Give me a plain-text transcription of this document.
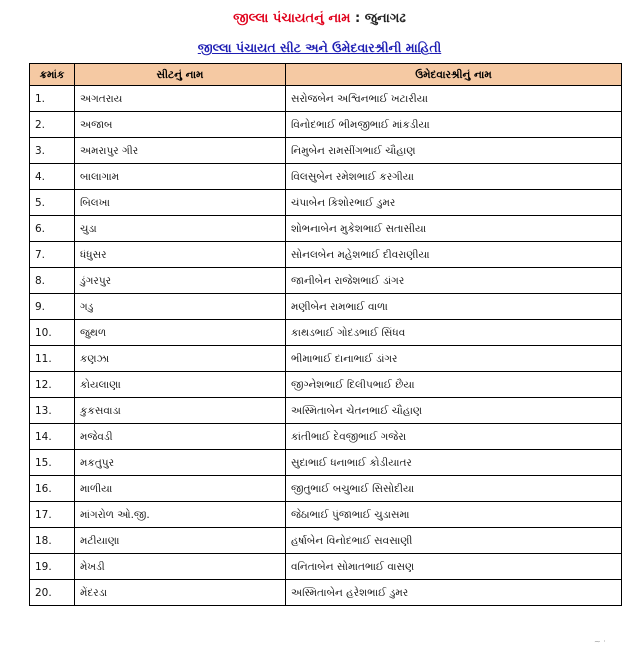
જીલ્લા પંચાયતનું નામ : જુનાગઢ
જીલ્લા પંચાયત સીટ અને ઉમેદવારશ્રીની માહિતી
ક્રમાંક	સીટનું નામ	ઉમેદવારશ્રીનું નામ
1.	અગતરાય	સરોજબેન અશ્વિનભાઈ ખટારીયા
2.	અજાબ	વિનોદભાઈ ભીમજીભાઈ માંકડીયા
3.	અમરાપુર ગીર	નિમુબેન રામસીંગભાઈ ચૌહાણ
4.	બાલાગામ	વિલસુબેન રમેશભાઈ કરગીયા
5.	બિલખા	ચંપાબેન કિશોરભાઈ ડુમર
6.	ચુડા	શોભનાબેન મુકેશભાઈ સતાસીયા
7.	ધંધુસર	સોનલબેન મહેશભાઈ દીવરાણીયા
8.	ડુંગરપુર	જાનીબેન રાજેશભાઈ ડાંગર
9.	ગડુ	મણીબેન રામભાઈ વાળા
10.	જુથળ	કાથડભાઈ ગોદડભાઈ સિંધવ
11.	કણઝા	ભીમાભાઈ દાનાભાઈ ડાંગર
12.	કોયલાણા	જીગ્નેશભાઈ દિલીપભાઈ છૈયા
13.	કુકસવાડા	અસ્મિતાબેન ચેતનભાઈ ચૌહાણ
14.	મજેવડી	કાંતીભાઈ દેવજીભાઈ ગજેરા
15.	મકતુપુર	સુદાભાઈ ધનાભાઈ કોડીયાતર
16.	માળીયા	જીતુભાઈ બચુભાઈ સિસોદીયા
17.	માંગરોળ ઓ.જી.	જેઠાભાઈ પુંજાભાઈ ચુડાસમા
18.	મટીયાણા	હર્ષાબેન વિનોદભાઈ સવસાણી
19.	મેખડી	વનિતાબેન સોમાતભાઈ વાસણ
20.	મેંદરડા	અસ્મિતાબેન હરેશભાઈ ડુમર
~ ·
